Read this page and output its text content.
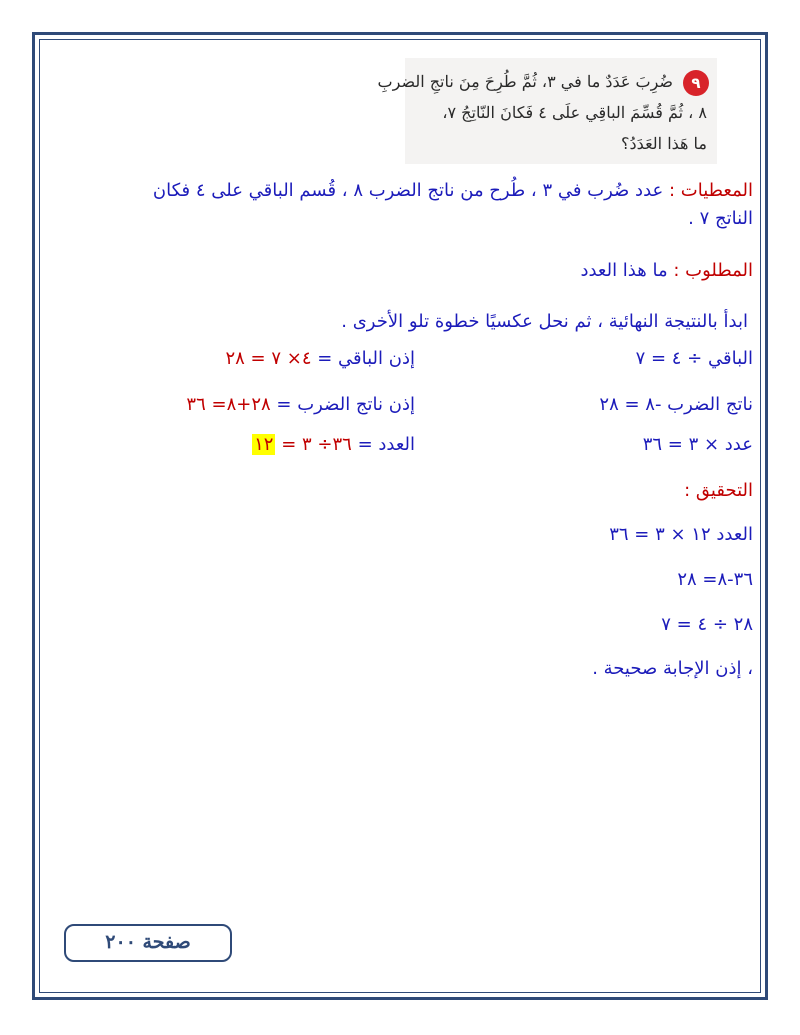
٩
ضُرِبَ عَدَدٌ ما في ٣، ثُمَّ طُرِحَ مِنَ ناتجِ الضربِ
٨ ، ثُمَّ قُسِّمَ الباقِي علَى ٤ فَكانَ النّاتِجُ ٧،
ما هَذا العَدَدُ؟
المعطيات : عدد ضُرب في ٣ ، طُرح من ناتج الضرب ٨ ، قُسم الباقي على ٤ فكان
الناتج ٧ .
المطلوب : ما هذا العدد
ابدأ بالنتيجة النهائية ، ثم نحل عكسيًا خطوة تلو الأخرى .
الباقي ÷ ٤ = ٧
إذن الباقي = ٤× ٧ = ٢٨
ناتج الضرب -٨ = ٢٨
إذن ناتج الضرب = ٢٨+٨= ٣٦
عدد × ٣ = ٣٦
العدد = ٣٦÷ ٣ = ١٢
التحقيق :
العدد ١٢ × ٣ = ٣٦
٣٦-٨= ٢٨
٢٨ ÷ ٤ = ٧
، إذن الإجابة صحيحة .
صفحة ٢٠٠
